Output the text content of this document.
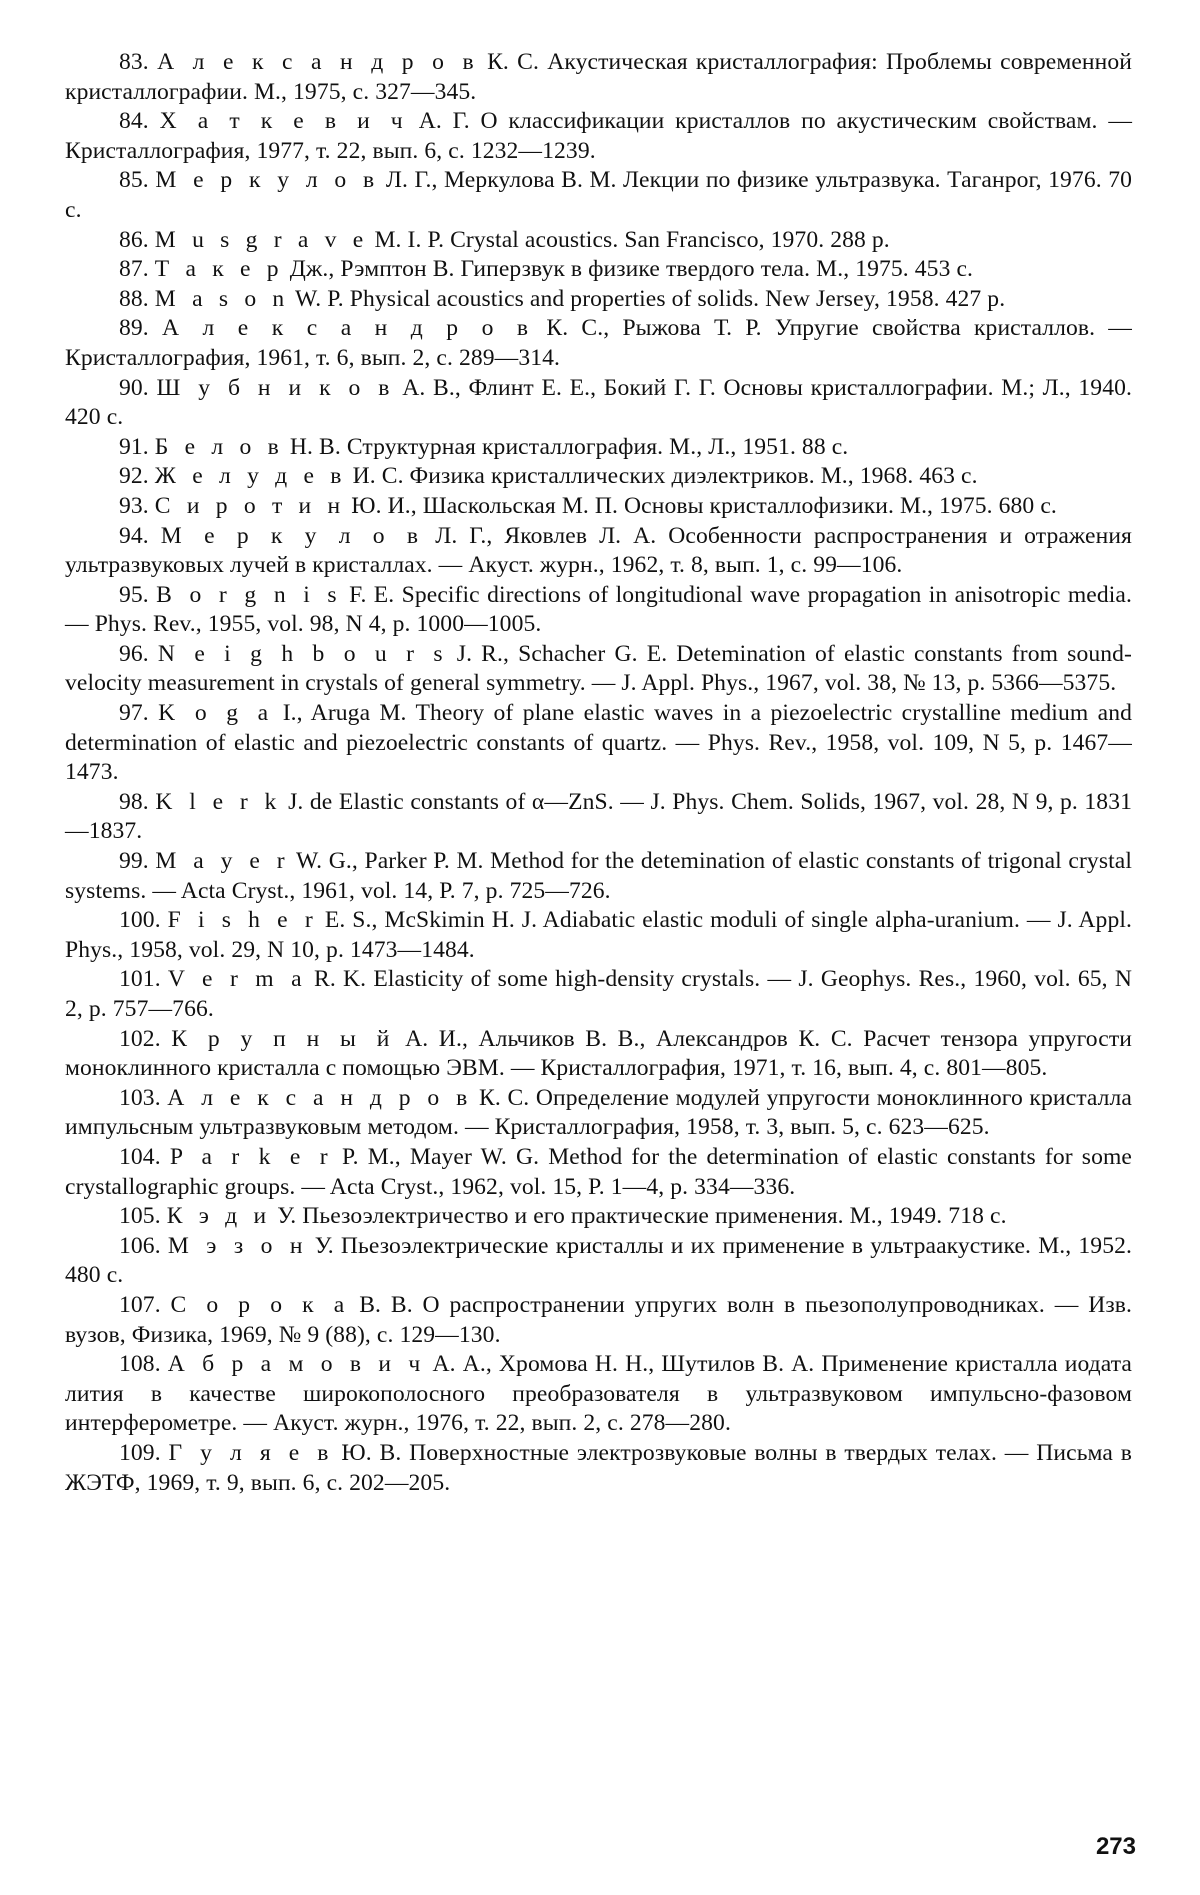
83. А л е к с а н д р о в К. С. Акустическая кристаллография: Проблемы современной кристаллографии. М., 1975, с. 327—345.

84. Х а т к е в и ч А. Г. О классификации кристаллов по акустическим свойствам. — Кристаллография, 1977, т. 22, вып. 6, с. 1232—1239.

85. М е р к у л о в Л. Г., Меркулова В. М. Лекции по физике ультразвука. Таганрог, 1976. 70 с.

86. M u s g r a v e M. I. P. Crystal acoustics. San Francisco, 1970. 288 p.

87. Т а к е р Дж., Рэмптон В. Гиперзвук в физике твердого тела. М., 1975. 453 с.

88. M a s o n W. P. Physical acoustics and properties of solids. New Jersey, 1958. 427 p.

89. А л е к с а н д р о в К. С., Рыжова Т. Р. Упругие свойства кристаллов. — Кристаллография, 1961, т. 6, вып. 2, с. 289—314.

90. Ш у б н и к о в А. В., Флинт Е. Е., Бокий Г. Г. Основы кристаллографии. М.; Л., 1940. 420 с.

91. Б е л о в Н. В. Структурная кристаллография. М., Л., 1951. 88 с.

92. Ж е л у д е в И. С. Физика кристаллических диэлектриков. М., 1968. 463 с.

93. С и р о т и н Ю. И., Шаскольская М. П. Основы кристаллофизики. М., 1975. 680 с.

94. М е р к у л о в Л. Г., Яковлев Л. А. Особенности распространения и отражения ультразвуковых лучей в кристаллах. — Акуст. журн., 1962, т. 8, вып. 1, с. 99—106.

95. B o r g n i s F. E. Specific directions of longitudional wave propagation in anisotropic media. — Phys. Rev., 1955, vol. 98, N 4, p. 1000—1005.

96. N e i g h b o u r s J. R., Schacher G. E. Detemination of elastic constants from sound-velocity measurement in crystals of general symmetry. — J. Appl. Phys., 1967, vol. 38, № 13, p. 5366—5375.

97. K o g a I., Aruga M. Theory of plane elastic waves in a piezoelectric crystalline medium and determination of elastic and piezoelectric constants of quartz. — Phys. Rev., 1958, vol. 109, N 5, p. 1467—1473.

98. K l e r k J. de Elastic constants of α—ZnS. — J. Phys. Chem. Solids, 1967, vol. 28, N 9, p. 1831—1837.

99. M a y e r W. G., Parker P. M. Method for the detemination of elastic constants of trigonal crystal systems. — Acta Cryst., 1961, vol. 14, P. 7, p. 725—726.

100. F i s h e r E. S., McSkimin H. J. Adiabatic elastic moduli of single alpha-uranium. — J. Appl. Phys., 1958, vol. 29, N 10, p. 1473—1484.

101. V e r m a R. K. Elasticity of some high-density crystals. — J. Geophys. Res., 1960, vol. 65, N 2, p. 757—766.

102. К р у п н ы й А. И., Альчиков В. В., Александров К. С. Расчет тензора упругости моноклинного кристалла с помощью ЭВМ. — Кристаллография, 1971, т. 16, вып. 4, с. 801—805.

103. А л е к с а н д р о в К. С. Определение модулей упругости моноклинного кристалла импульсным ультразвуковым методом. — Кристаллография, 1958, т. 3, вып. 5, с. 623—625.

104. P a r k e r P. M., Mayer W. G. Method for the determination of elastic constants for some crystallographic groups. — Acta Cryst., 1962, vol. 15, P. 1—4, p. 334—336.

105. К э д и У. Пьезоэлектричество и его практические применения. М., 1949. 718 с.

106. М э з о н У. Пьезоэлектрические кристаллы и их применение в ультраакустике. М., 1952. 480 с.

107. С о р о к а В. В. О распространении упругих волн в пьезополупроводниках. — Изв. вузов, Физика, 1969, № 9 (88), с. 129—130.

108. А б р а м о в и ч А. А., Хромова Н. Н., Шутилов В. А. Применение кристалла иодата лития в качестве широкополосного преобразователя в ультразвуковом импульсно-фазовом интерферометре. — Акуст. журн., 1976, т. 22, вып. 2, с. 278—280.

109. Г у л я е в Ю. В. Поверхностные электрозвуковые волны в твердых телах. — Письма в ЖЭТФ, 1969, т. 9, вып. 6, с. 202—205.

273
